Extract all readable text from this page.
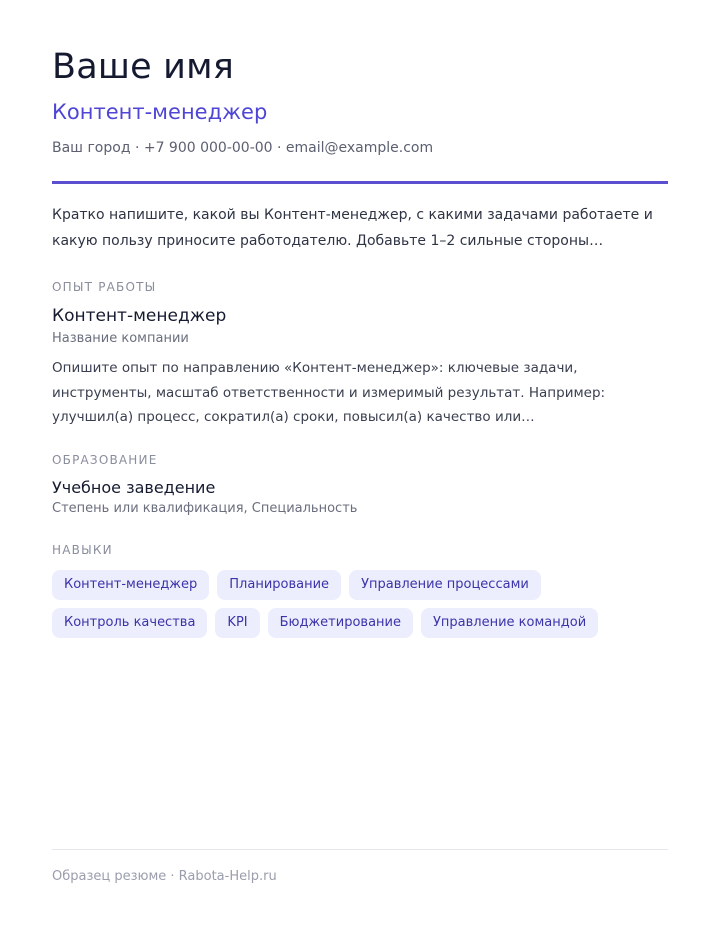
Ваше имя
Контент-менеджер
Ваш город · +7 900 000-00-00 · email@example.com
Кратко напишите, какой вы Контент-менеджер, с какими задачами работаете и какую пользу приносите работодателю. Добавьте 1–2 сильные стороны…
ОПЫТ РАБОТЫ
Контент-менеджер
Название компании
Опишите опыт по направлению «Контент-менеджер»: ключевые задачи, инструменты, масштаб ответственности и измеримый результат. Например: улучшил(а) процесс, сократил(а) сроки, повысил(а) качество или…
ОБРАЗОВАНИЕ
Учебное заведение
Степень или квалификация, Специальность
НАВЫКИ
Контент-менеджер	Планирование	Управление процессами
Контроль качества	KPI	Бюджетирование	Управление командой
Образец резюме · Rabota-Help.ru
